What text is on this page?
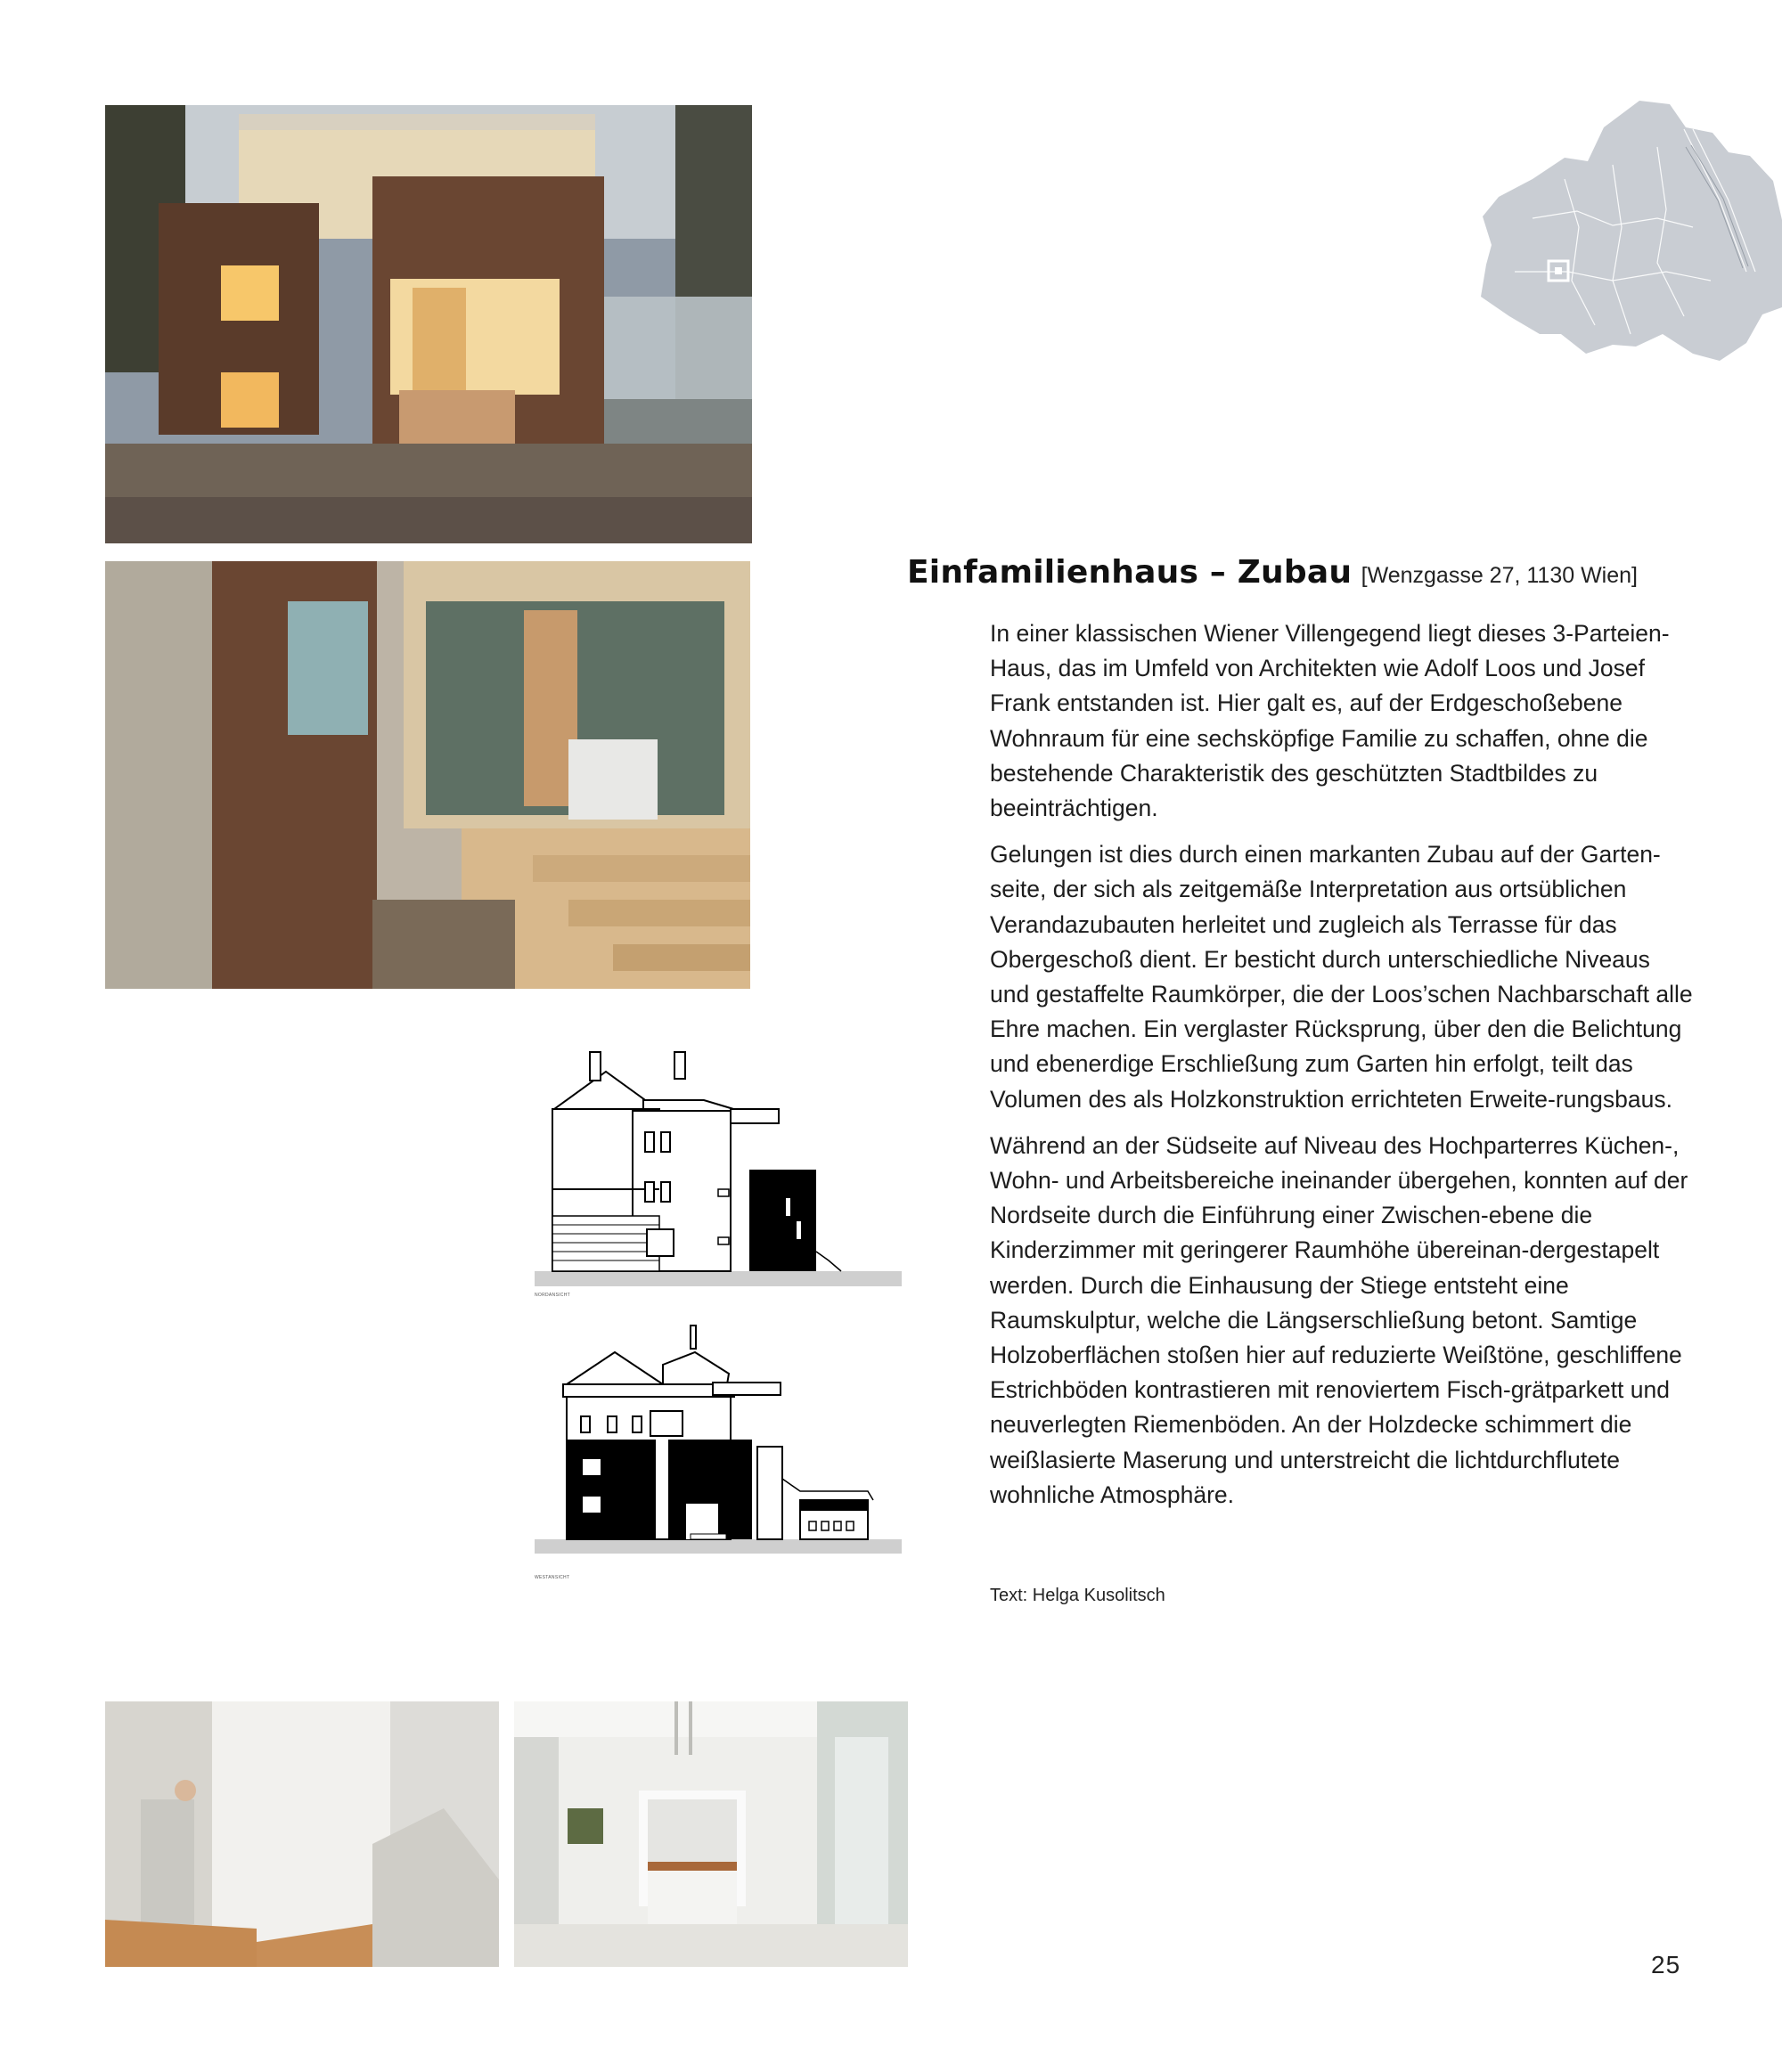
NORDANSICHT
WESTANSICHT
Einfamilienhaus – Zubau [Wenzgasse 27, 1130 Wien]

In einer klassischen Wiener Villengegend liegt dieses 3-Parteien-Haus, das im Umfeld von Architekten wie Adolf Loos und Josef Frank entstanden ist. Hier galt es, auf der Erdgeschoßebene Wohnraum für eine sechsköpfige Familie zu schaffen, ohne die bestehende Charakteristik des geschützten Stadtbildes zu beeinträchtigen.

Gelungen ist dies durch einen markanten Zubau auf der Garten-seite, der sich als zeitgemäße Interpretation aus ortsüblichen Verandazubauten herleitet und zugleich als Terrasse für das Obergeschoß dient. Er besticht durch unterschiedliche Niveaus und gestaffelte Raumkörper, die der Loos’schen Nachbarschaft alle Ehre machen. Ein verglaster Rücksprung, über den die Belichtung und ebenerdige Erschließung zum Garten hin erfolgt, teilt das Volumen des als Holzkonstruktion errichteten Erweite-rungsbaus.

Während an der Südseite auf Niveau des Hochparterres Küchen-, Wohn- und Arbeitsbereiche ineinander übergehen, konnten auf der Nordseite durch die Einführung einer Zwischen-ebene die Kinderzimmer mit geringerer Raumhöhe übereinan-dergestapelt werden. Durch die Einhausung der Stiege entsteht eine Raumskulptur, welche die Längserschließung betont. Samtige Holzoberflächen stoßen hier auf reduzierte Weißtöne, geschliffene Estrichböden kontrastieren mit renoviertem Fisch-grätparkett und neuverlegten Riemenböden. An der Holzdecke schimmert die weißlasierte Maserung und unterstreicht die lichtdurchflutete wohnliche Atmosphäre.

Text: Helga Kusolitsch
25
